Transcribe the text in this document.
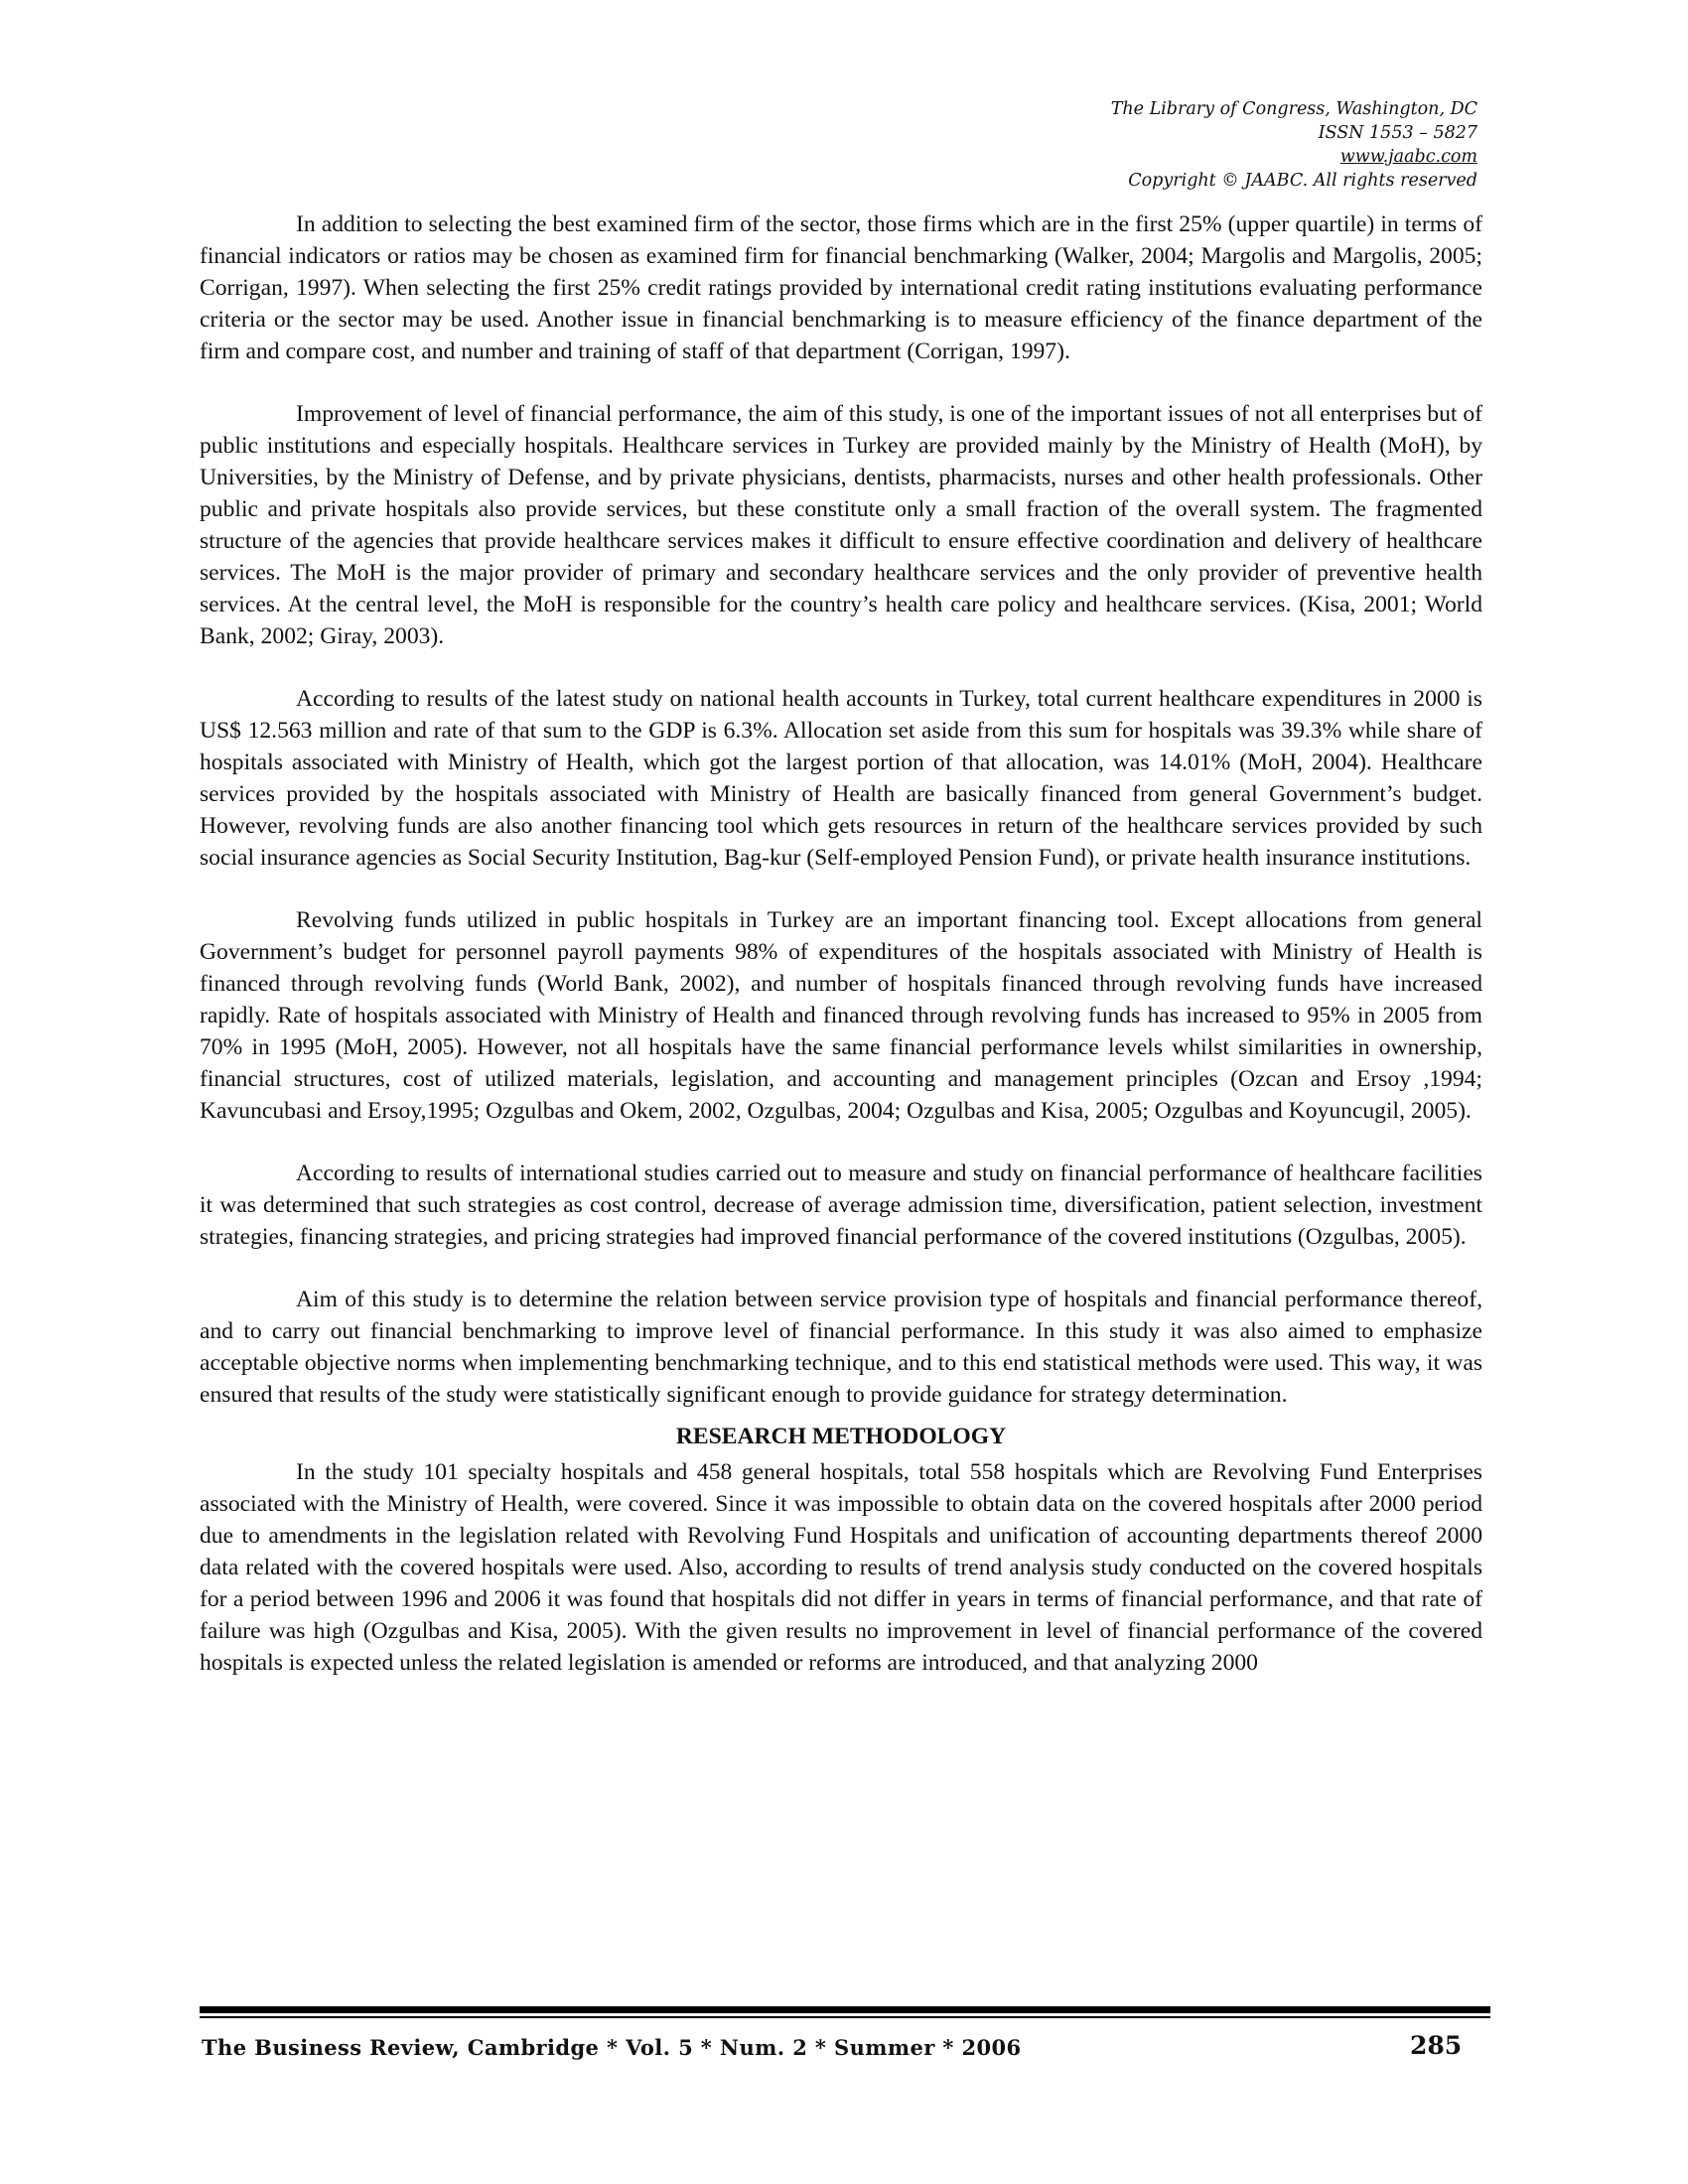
The Library of Congress, Washington, DC
ISSN 1553 – 5827
www.jaabc.com
Copyright © JAABC. All rights reserved

In addition to selecting the best examined firm of the sector, those firms which are in the first 25% (upper quartile) in terms of financial indicators or ratios may be chosen as examined firm for financial benchmarking (Walker, 2004; Margolis and Margolis, 2005; Corrigan, 1997). When selecting the first 25% credit ratings provided by international credit rating institutions evaluating performance criteria or the sector may be used. Another issue in financial benchmarking is to measure efficiency of the finance department of the firm and compare cost, and number and training of staff of that department (Corrigan, 1997).

Improvement of level of financial performance, the aim of this study, is one of the important issues of not all enterprises but of public institutions and especially hospitals. Healthcare services in Turkey are provided mainly by the Ministry of Health (MoH), by Universities, by the Ministry of Defense, and by private physicians, dentists, pharmacists, nurses and other health professionals. Other public and private hospitals also provide services, but these constitute only a small fraction of the overall system. The fragmented structure of the agencies that provide healthcare services makes it difficult to ensure effective coordination and delivery of healthcare services. The MoH is the major provider of primary and secondary healthcare services and the only provider of preventive health services. At the central level, the MoH is responsible for the country’s health care policy and healthcare services. (Kisa, 2001; World Bank, 2002; Giray, 2003).

According to results of the latest study on national health accounts in Turkey, total current healthcare expenditures in 2000 is US$ 12.563 million and rate of that sum to the GDP is 6.3%. Allocation set aside from this sum for hospitals was 39.3% while share of hospitals associated with Ministry of Health, which got the largest portion of that allocation, was 14.01% (MoH, 2004). Healthcare services provided by the hospitals associated with Ministry of Health are basically financed from general Government’s budget. However, revolving funds are also another financing tool which gets resources in return of the healthcare services provided by such social insurance agencies as Social Security Institution, Bag-kur (Self-employed Pension Fund), or private health insurance institutions.

Revolving funds utilized in public hospitals in Turkey are an important financing tool. Except allocations from general Government’s budget for personnel payroll payments 98% of expenditures of the hospitals associated with Ministry of Health is financed through revolving funds (World Bank, 2002), and number of hospitals financed through revolving funds have increased rapidly. Rate of hospitals associated with Ministry of Health and financed through revolving funds has increased to 95% in 2005 from 70% in 1995 (MoH, 2005). However, not all hospitals have the same financial performance levels whilst similarities in ownership, financial structures, cost of utilized materials, legislation, and accounting and management principles (Ozcan and Ersoy ,1994; Kavuncubasi and Ersoy,1995; Ozgulbas and Okem, 2002, Ozgulbas, 2004; Ozgulbas and Kisa, 2005; Ozgulbas and Koyuncugil, 2005).

According to results of international studies carried out to measure and study on financial performance of healthcare facilities it was determined that such strategies as cost control, decrease of average admission time, diversification, patient selection, investment strategies, financing strategies, and pricing strategies had improved financial performance of the covered institutions (Ozgulbas, 2005).

Aim of this study is to determine the relation between service provision type of hospitals and financial performance thereof, and to carry out financial benchmarking to improve level of financial performance. In this study it was also aimed to emphasize acceptable objective norms when implementing benchmarking technique, and to this end statistical methods were used. This way, it was ensured that results of the study were statistically significant enough to provide guidance for strategy determination.

RESEARCH METHODOLOGY

In the study 101 specialty hospitals and 458 general hospitals, total 558 hospitals which are Revolving Fund Enterprises associated with the Ministry of Health, were covered. Since it was impossible to obtain data on the covered hospitals after 2000 period due to amendments in the legislation related with Revolving Fund Hospitals and unification of accounting departments thereof 2000 data related with the covered hospitals were used. Also, according to results of trend analysis study conducted on the covered hospitals for a period between 1996 and 2006 it was found that hospitals did not differ in years in terms of financial performance, and that rate of failure was high (Ozgulbas and Kisa, 2005). With the given results no improvement in level of financial performance of the covered hospitals is expected unless the related legislation is amended or reforms are introduced, and that analyzing 2000

The Business Review, Cambridge * Vol. 5 * Num. 2 * Summer * 2006	285
